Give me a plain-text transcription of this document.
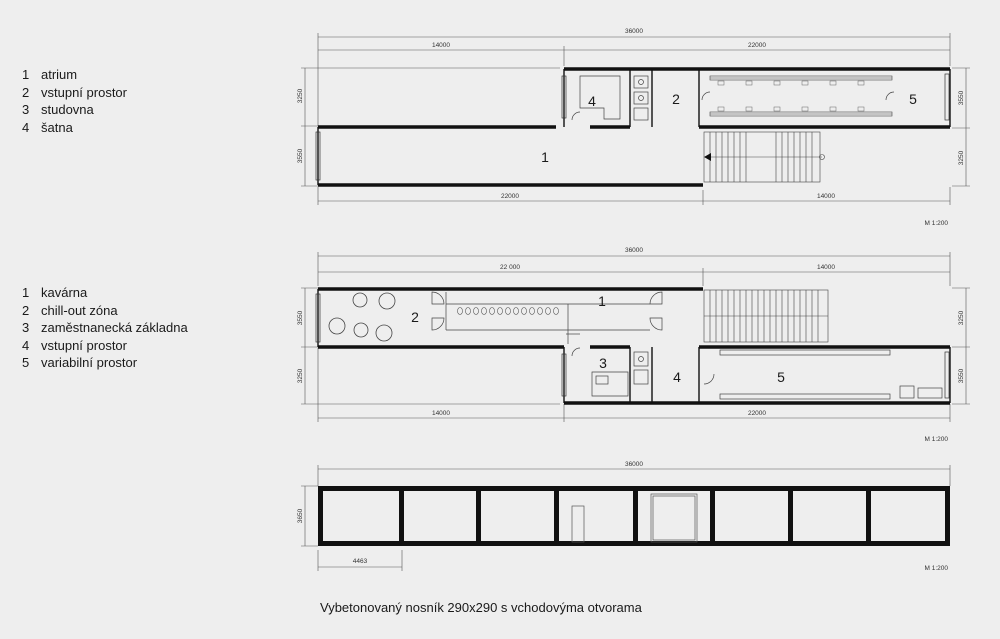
1 atrium
2 vstupní prostor
3 studovna
4 šatna
1 kavárna
2 chill-out zóna
3 zaměstnanecká základna
4 vstupní prostor
5 variabilní prostor
36000
14000	22000
22000	14000
3250
3550
3550
3250
1
2
4	5
M 1:200
36000
22 000	14000
14000	22000
3550
3250
3250
3550
1
2
3
4	5
M 1:200
36000
3650
4463
M 1:200
Vybetonovaný nosník 290x290 s vchodovýma otvorama
